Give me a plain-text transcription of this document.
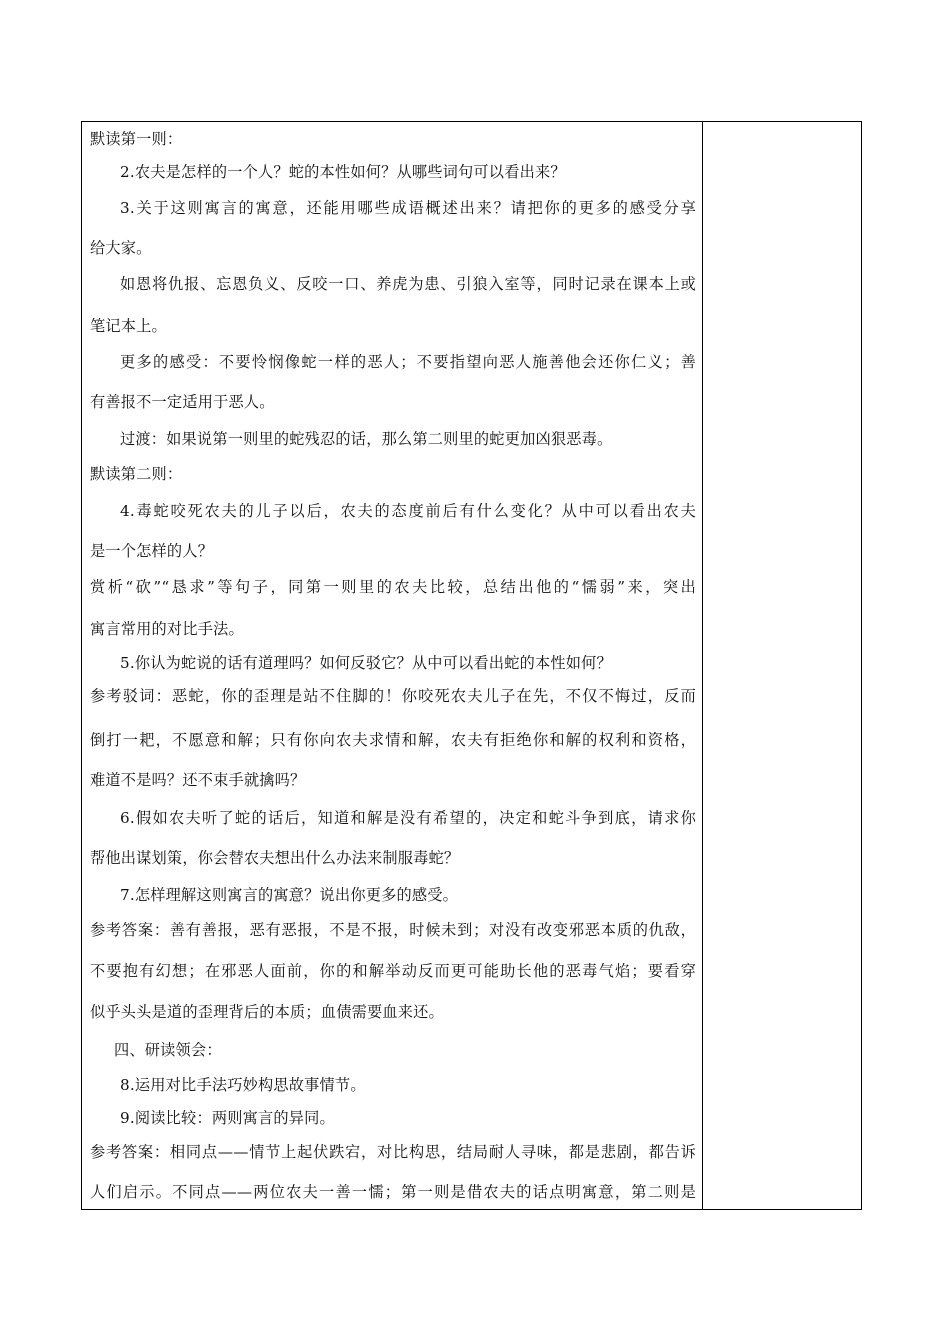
默读第一则：
2.农夫是怎样的一个人？蛇的本性如何？从哪些词句可以看出来？
3.关于这则寓言的寓意，还能用哪些成语概述出来？请把你的更多的感受分享
给大家。
如恩将仇报、忘恩负义、反咬一口、养虎为患、引狼入室等，同时记录在课本上或
笔记本上。
更多的感受：不要怜悯像蛇一样的恶人；不要指望向恶人施善他会还你仁义；善
有善报不一定适用于恶人。
过渡：如果说第一则里的蛇残忍的话，那么第二则里的蛇更加凶狠恶毒。
默读第二则：
4.毒蛇咬死农夫的儿子以后，农夫的态度前后有什么变化？从中可以看出农夫
是一个怎样的人？
赏析“砍”“恳求”等句子，同第一则里的农夫比较，总结出他的“懦弱”来，突出
寓言常用的对比手法。
5.你认为蛇说的话有道理吗？如何反驳它？从中可以看出蛇的本性如何？
参考驳词：恶蛇，你的歪理是站不住脚的！你咬死农夫儿子在先，不仅不悔过，反而
倒打一耙，不愿意和解；只有你向农夫求情和解，农夫有拒绝你和解的权利和资格，
难道不是吗？还不束手就擒吗？
6.假如农夫听了蛇的话后，知道和解是没有希望的，决定和蛇斗争到底，请求你
帮他出谋划策，你会替农夫想出什么办法来制服毒蛇？
7.怎样理解这则寓言的寓意？说出你更多的感受。
参考答案：善有善报，恶有恶报，不是不报，时候未到；对没有改变邪恶本质的仇敌，
不要抱有幻想；在邪恶人面前，你的和解举动反而更可能助长他的恶毒气焰；要看穿
似乎头头是道的歪理背后的本质；血债需要血来还。
四、研读领会：
8.运用对比手法巧妙构思故事情节。
9.阅读比较：两则寓言的异同。
参考答案：相同点——情节上起伏跌宕，对比构思，结局耐人寻味，都是悲剧，都告诉
人们启示。不同点——两位农夫一善一懦；第一则是借农夫的话点明寓意，第二则是
